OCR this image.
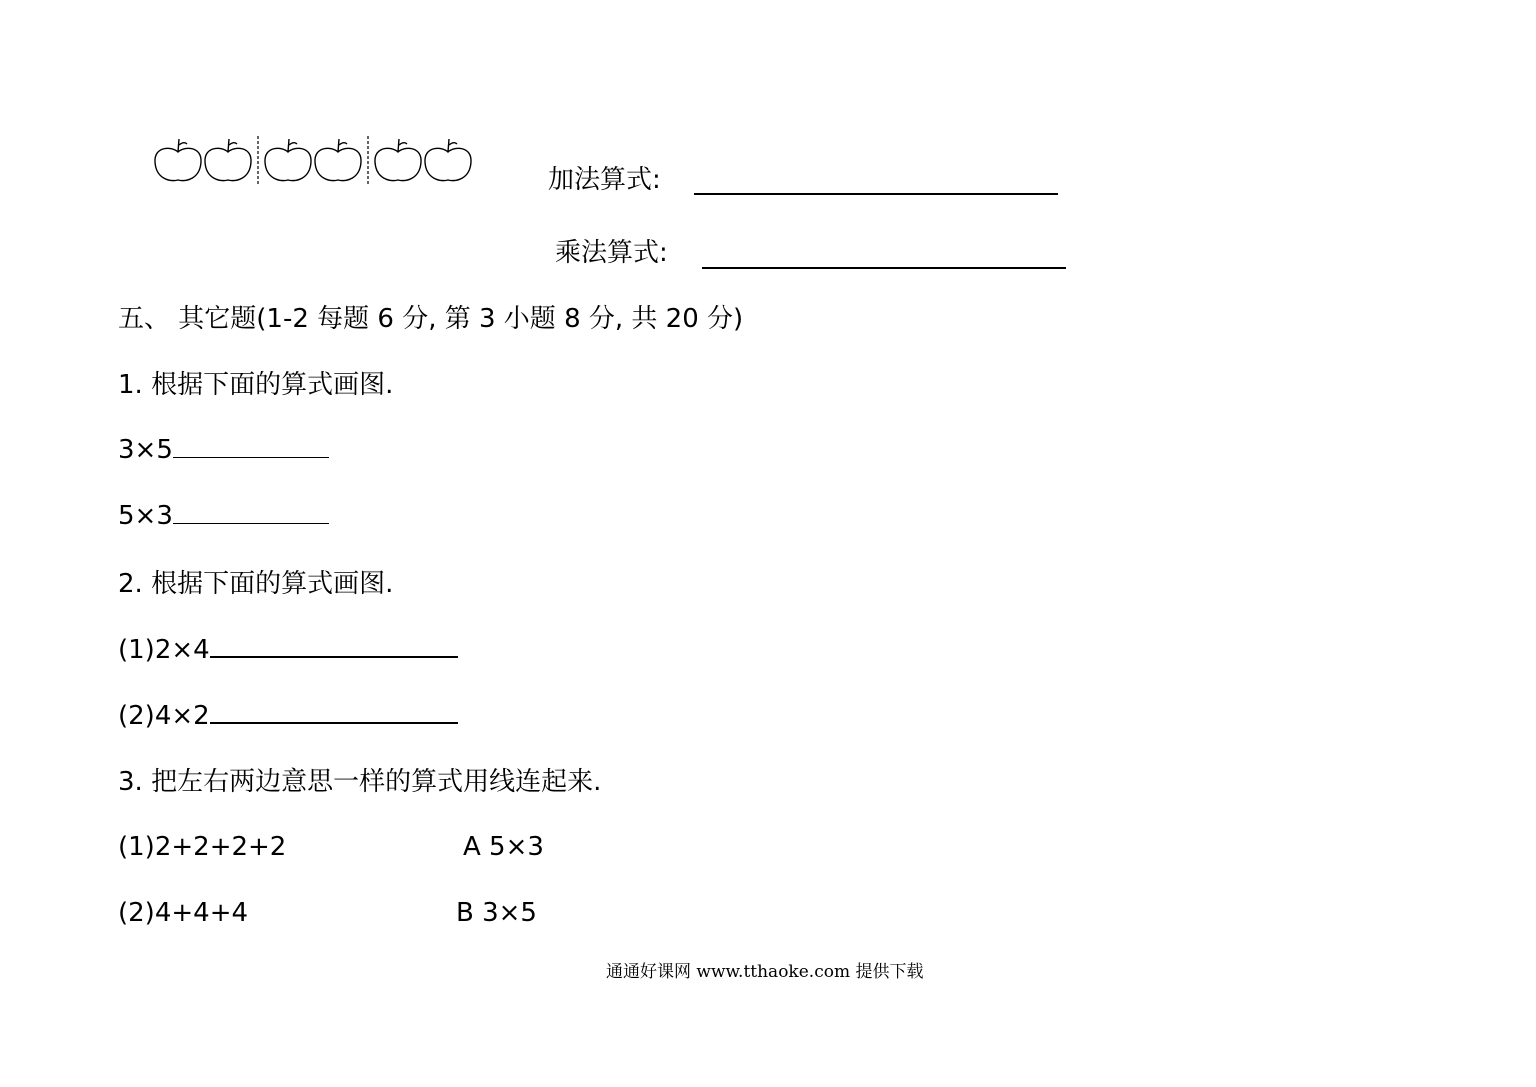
加法算式:
乘法算式:
五、 其它题(1-2 每题 6 分, 第 3 小题 8 分, 共 20 分)
1. 根据下面的算式画图.
3×5
5×3
2. 根据下面的算式画图.
(1)2×4
(2)4×2
3. 把左右两边意思一样的算式用线连起来.
(1)2+2+2+2	A 5×3
(2)4+4+4	B 3×5
通通好课网 www.tthaoke.com 提供下载
